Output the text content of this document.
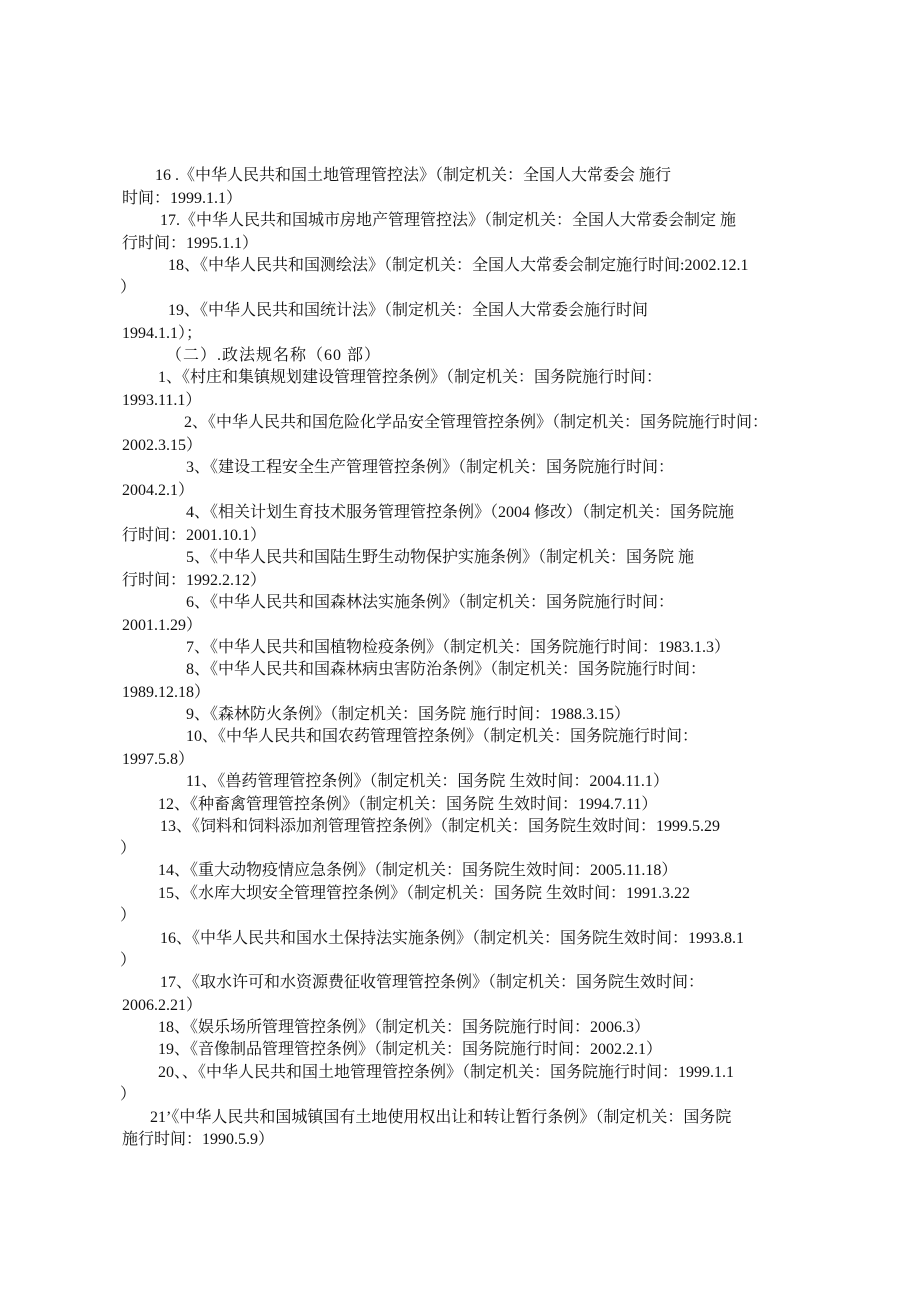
16 .《中华人民共和国土地管理管控法》（制定机关：全国人大常委会 施行
时间：1999.1.1）
17.《中华人民共和国城市房地产管理管控法》（制定机关：全国人大常委会制定 施
行时间：1995.1.1）
18、《中华人民共和国测绘法》（制定机关：全国人大常委会制定施行时间:2002.12.1
）
19、《中华人民共和国统计法》（制定机关：全国人大常委会施行时间
1994.1.1）；
（二）.政法规名称（60 部）
1、《村庄和集镇规划建设管理管控条例》（制定机关：国务院施行时间：
1993.11.1）
2、《中华人民共和国危险化学品安全管理管控条例》（制定机关：国务院施行时间：
2002.3.15）
3、《建设工程安全生产管理管控条例》（制定机关：国务院施行时间：
2004.2.1）
4、《相关计划生育技术服务管理管控条例》（2004 修改）（制定机关：国务院施
行时间：2001.10.1）
5、《中华人民共和国陆生野生动物保护实施条例》（制定机关：国务院 施
行时间：1992.2.12）
6、《中华人民共和国森林法实施条例》（制定机关：国务院施行时间：
2001.1.29）
7、《中华人民共和国植物检疫条例》（制定机关：国务院施行时间：1983.1.3）
8、《中华人民共和国森林病虫害防治条例》（制定机关：国务院施行时间：
1989.12.18）
9、《森林防火条例》（制定机关：国务院 施行时间：1988.3.15）
10、《中华人民共和国农药管理管控条例》（制定机关：国务院施行时间：
1997.5.8）
11、《兽药管理管控条例》（制定机关：国务院 生效时间：2004.11.1）
12、《种畜禽管理管控条例》（制定机关：国务院 生效时间：1994.7.11）
13、《饲料和饲料添加剂管理管控条例》（制定机关：国务院生效时间：1999.5.29
）
14、《重大动物疫情应急条例》（制定机关：国务院生效时间：2005.11.18）
15、《水库大坝安全管理管控条例》（制定机关：国务院 生效时间：1991.3.22
）
16、《中华人民共和国水土保持法实施条例》（制定机关：国务院生效时间：1993.8.1
）
17、《取水许可和水资源费征收管理管控条例》（制定机关：国务院生效时间：
2006.2.21）
18、《娱乐场所管理管控条例》（制定机关：国务院施行时间：2006.3）
19、《音像制品管理管控条例》（制定机关：国务院施行时间：2002.2.1）
20、、《中华人民共和国土地管理管控条例》（制定机关：国务院施行时间：1999.1.1
）
21’《中华人民共和国城镇国有土地使用权出让和转让暂行条例》（制定机关：国务院
施行时间：1990.5.9）
